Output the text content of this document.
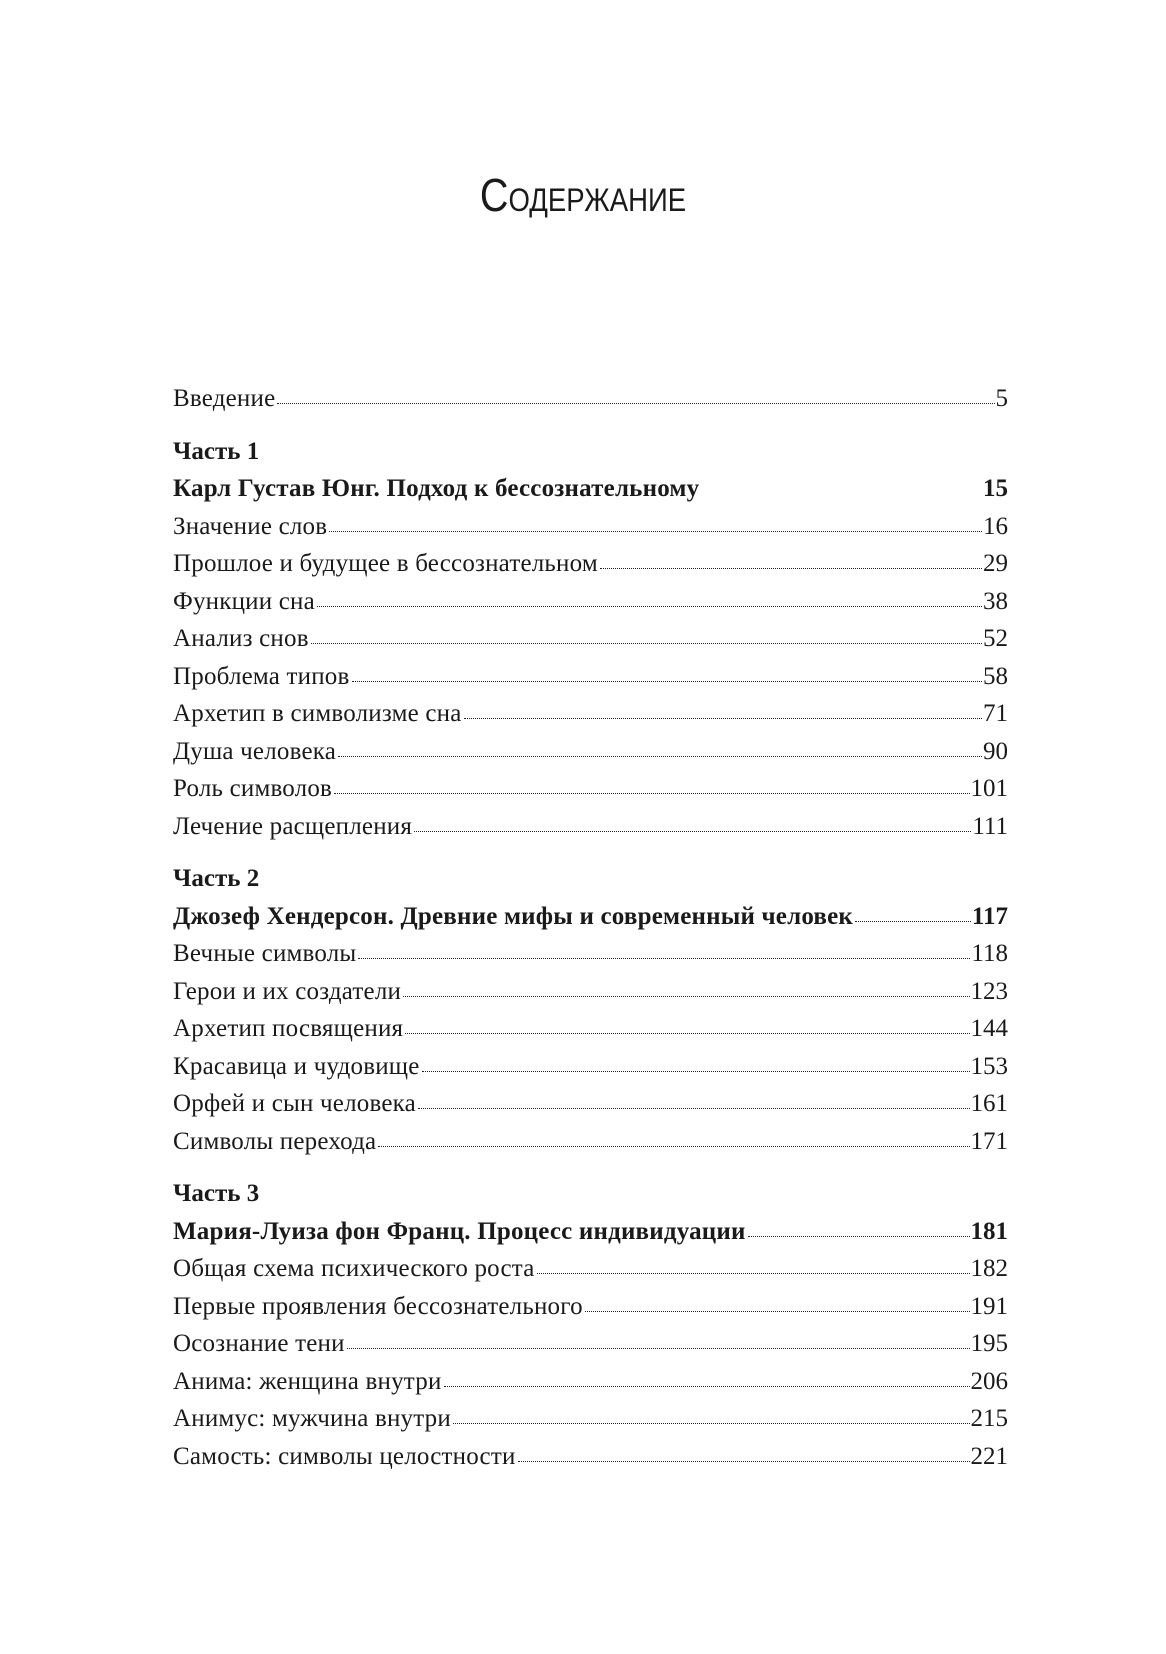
Содержание
Введение	5
Часть 1
Карл Густав Юнг. Подход к бессознательному	15
Значение слов	16
Прошлое и будущее в бессознательном	29
Функции сна	38
Анализ снов	52
Проблема типов	58
Архетип в символизме сна	71
Душа человека	90
Роль символов	101
Лечение расщепления	111
Часть 2
Джозеф Хендерсон. Древние мифы и современный человек	117
Вечные символы	118
Герои и их создатели	123
Архетип посвящения	144
Красавица и чудовище	153
Орфей и сын человека	161
Символы перехода	171
Часть 3
Мария-Луиза фон Франц. Процесс индивидуации	181
Общая схема психического роста	182
Первые проявления бессознательного	191
Осознание тени	195
Анима: женщина внутри	206
Анимус: мужчина внутри	215
Самость: символы целостности	221
